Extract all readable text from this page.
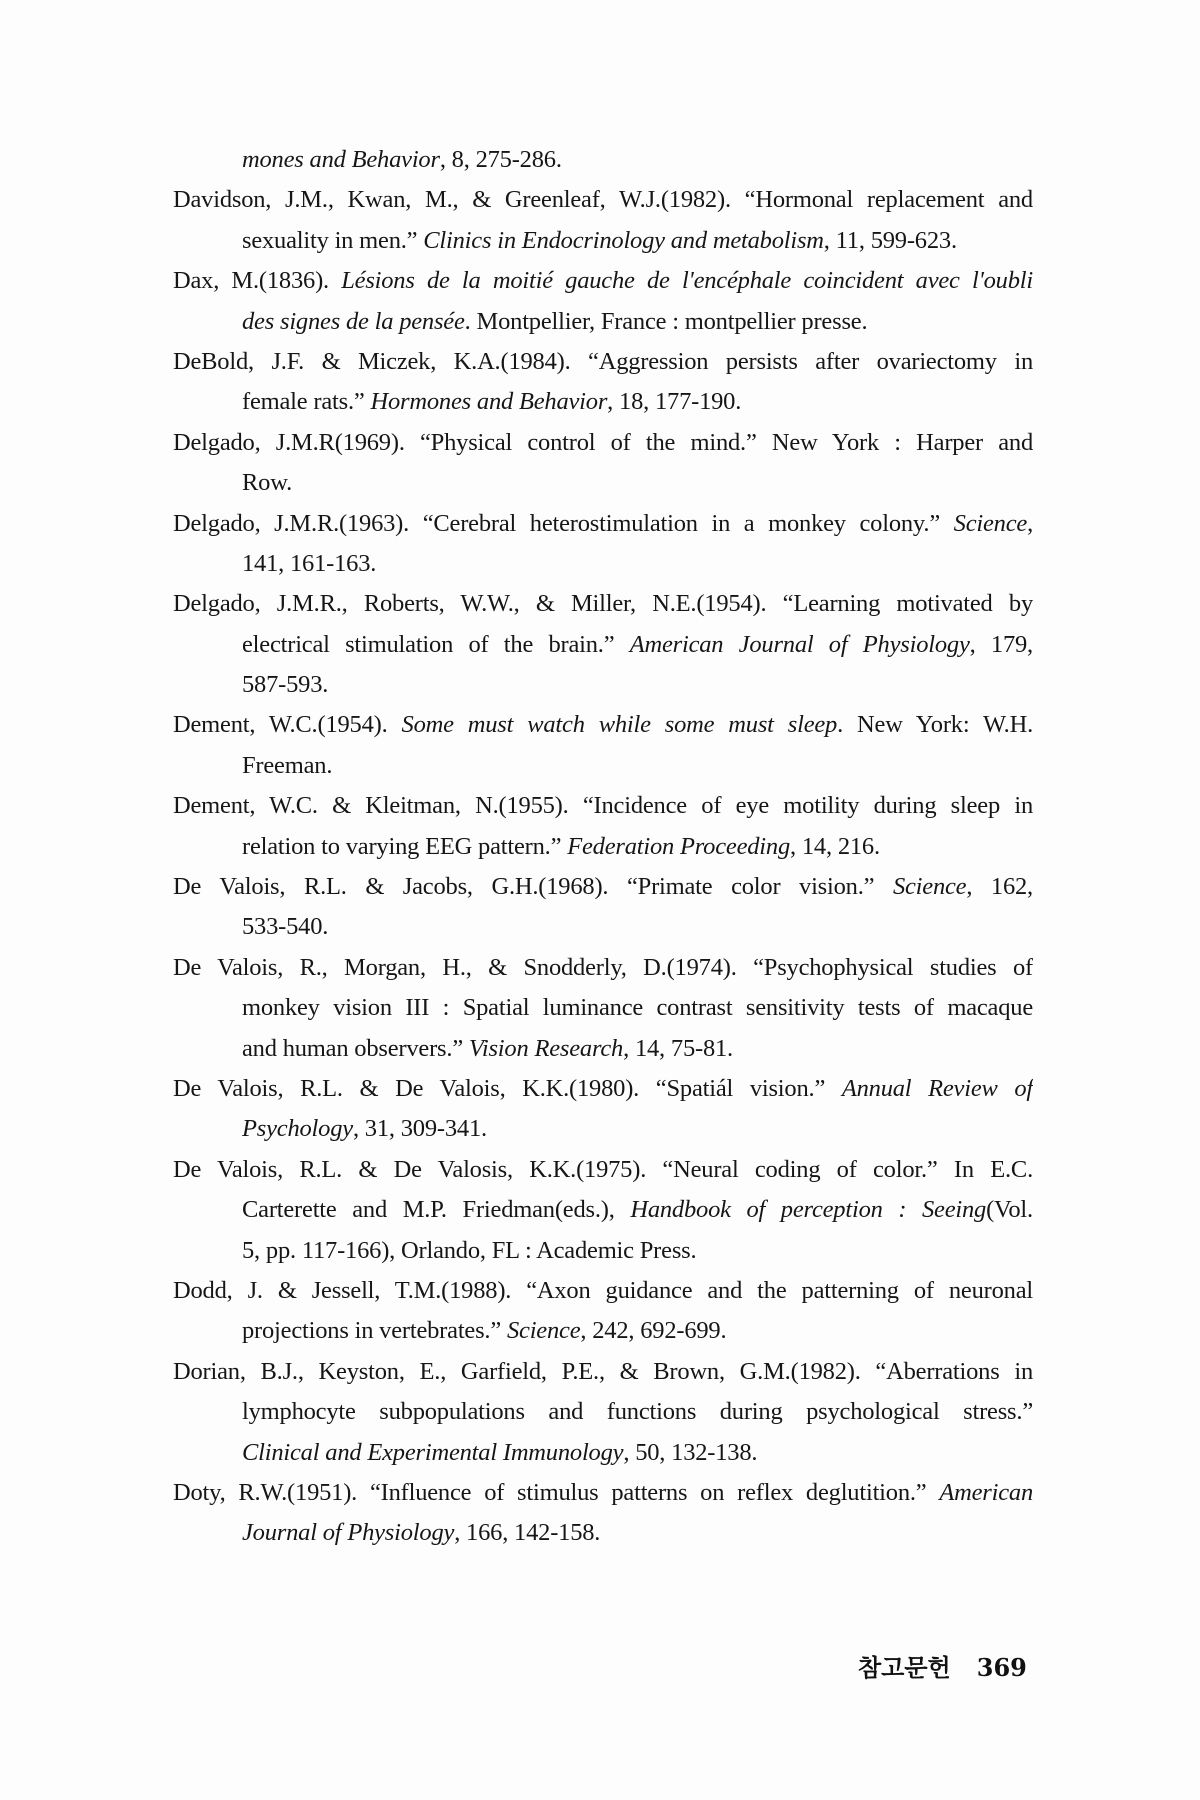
mones and Behavior, 8, 275-286.
Davidson, J.M., Kwan, M., & Greenleaf, W.J.(1982). “Hormonal replacement and
sexuality in men.” Clinics in Endocrinology and metabolism, 11, 599-623.
Dax, M.(1836). Lésions de la moitié gauche de l'encéphale coincident avec l'oubli
des signes de la pensée. Montpellier, France : montpellier presse.
DeBold, J.F. & Miczek, K.A.(1984). “Aggression persists after ovariectomy in
female rats.” Hormones and Behavior, 18, 177-190.
Delgado, J.M.R(1969). “Physical control of the mind.” New York : Harper and
Row.
Delgado, J.M.R.(1963). “Cerebral heterostimulation in a monkey colony.” Science,
141, 161-163.
Delgado, J.M.R., Roberts, W.W., & Miller, N.E.(1954). “Learning motivated by
electrical stimulation of the brain.” American Journal of Physiology, 179,
587-593.
Dement, W.C.(1954). Some must watch while some must sleep. New York: W.H.
Freeman.
Dement, W.C. & Kleitman, N.(1955). “Incidence of eye motility during sleep in
relation to varying EEG pattern.” Federation Proceeding, 14, 216.
De Valois, R.L. & Jacobs, G.H.(1968). “Primate color vision.” Science, 162,
533-540.
De Valois, R., Morgan, H., & Snodderly, D.(1974). “Psychophysical studies of
monkey vision III : Spatial luminance contrast sensitivity tests of macaque
and human observers.” Vision Research, 14, 75-81.
De Valois, R.L. & De Valois, K.K.(1980). “Spatiál vision.” Annual Review of
Psychology, 31, 309-341.
De Valois, R.L. & De Valosis, K.K.(1975). “Neural coding of color.” In E.C.
Carterette and M.P. Friedman(eds.), Handbook of perception : Seeing(Vol.
5, pp. 117-166), Orlando, FL : Academic Press.
Dodd, J. & Jessell, T.M.(1988). “Axon guidance and the patterning of neuronal
projections in vertebrates.” Science, 242, 692-699.
Dorian, B.J., Keyston, E., Garfield, P.E., & Brown, G.M.(1982). “Aberrations in
lymphocyte subpopulations and functions during psychological stress.”
Clinical and Experimental Immunology, 50, 132-138.
Doty, R.W.(1951). “Influence of stimulus patterns on reflex deglutition.” American
Journal of Physiology, 166, 142-158.
참고문헌 369
